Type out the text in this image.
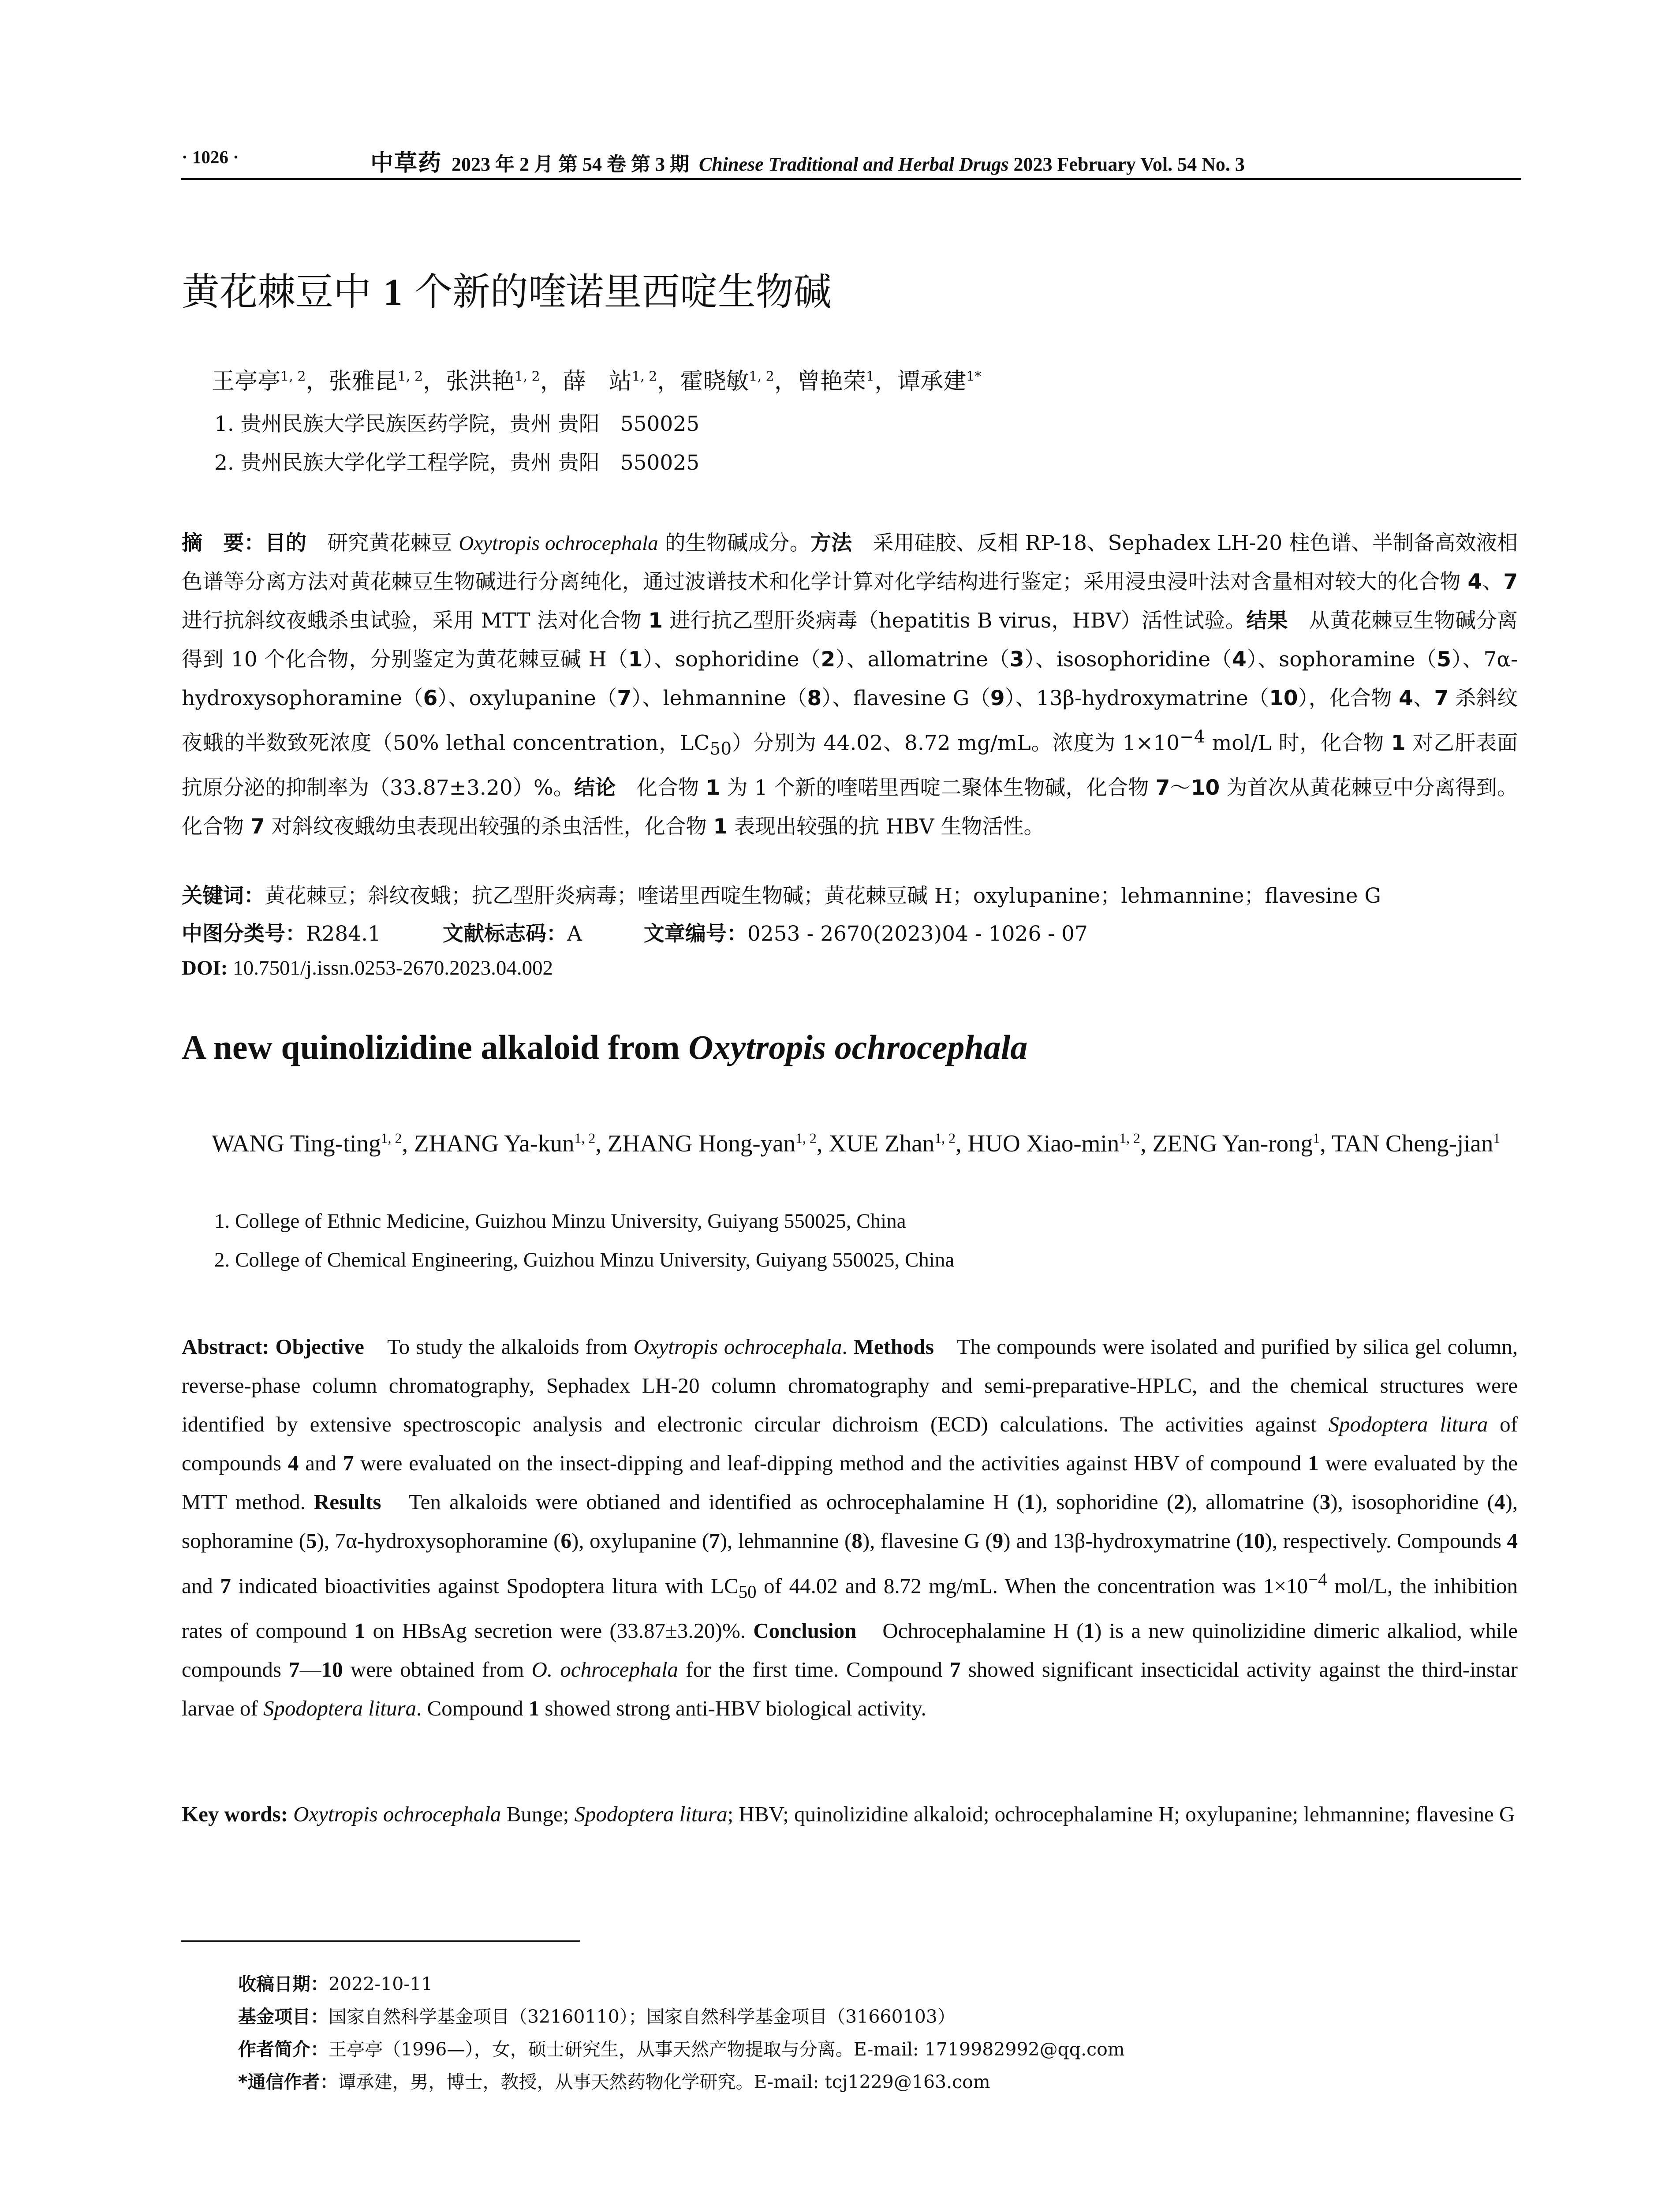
· 1026 ·	中草药 2023 年 2 月 第 54 卷 第 3 期 Chinese Traditional and Herbal Drugs 2023 February Vol. 54 No. 3
黄花棘豆中 1 个新的喹诺里西啶生物碱
王亭亭$^{1, 2}$，张雅昆$^{1, 2}$，张洪艳$^{1, 2}$，薛　站$^{1, 2}$，霍晓敏$^{1, 2}$，曾艳荣$^1$，谭承建$^{1*}$
1. 贵州民族大学民族医药学院，贵州 贵阳　550025
2. 贵州民族大学化学工程学院，贵州 贵阳　550025
摘　要：目的　研究黄花棘豆 Oxytropis ochrocephala 的生物碱成分。方法　采用硅胶、反相 RP-18、Sephadex LH-20 柱色谱、半制备高效液相色谱等分离方法对黄花棘豆生物碱进行分离纯化，通过波谱技术和化学计算对化学结构进行鉴定；采用浸虫浸叶法对含量相对较大的化合物 4、7 进行抗斜纹夜蛾杀虫试验，采用 MTT 法对化合物 1 进行抗乙型肝炎病毒（hepatitis B virus，HBV）活性试验。结果　从黄花棘豆生物碱分离得到 10 个化合物，分别鉴定为黄花棘豆碱 H（1）、sophoridine（2）、allomatrine（3）、isosophoridine（4）、sophoramine（5）、7α-hydroxysophoramine（6）、oxylupanine（7）、lehmannine（8）、flavesine G（9）、13β-hydroxymatrine（10），化合物 4、7 杀斜纹夜蛾的半数致死浓度（50% lethal concentration，$LC_{50}$）分别为 44.02、8.72 mg/mL。浓度为 $1\times 10^{-4}$ mol/L 时，化合物 1 对乙肝表面抗原分泌的抑制率为（33.87±3.20）%。结论　化合物 1 为 1 个新的喹喏里西啶二聚体生物碱，化合物 7～10 为首次从黄花棘豆中分离得到。化合物 7 对斜纹夜蛾幼虫表现出较强的杀虫活性，化合物 1 表现出较强的抗 HBV 生物活性。
关键词：黄花棘豆；斜纹夜蛾；抗乙型肝炎病毒；喹诺里西啶生物碱；黄花棘豆碱 H；oxylupanine；lehmannine；flavesine G
中图分类号：R284.1	文献标志码：A	文章编号：0253 - 2670(2023)04 - 1026 - 07
DOI: 10.7501/j.issn.0253-2670.2023.04.002
A new quinolizidine alkaloid from Oxytropis ochrocephala
WANG Ting-ting$^{1, 2}$, ZHANG Ya-kun$^{1, 2}$, ZHANG Hong-yan$^{1, 2}$, XUE Zhan$^{1, 2}$, HUO Xiao-$\min^{1, 2}$, ZENG Yan-rong$^1$, TAN Cheng-jian$^1$
1. College of Ethnic Medicine, Guizhou Minzu University, Guiyang 550025, China
2. College of Chemical Engineering, Guizhou Minzu University, Guiyang 550025, China
Abstract: Objective　To study the alkaloids from Oxytropis ochrocephala. Methods　The compounds were isolated and purified by silica gel column, reverse-phase column chromatography, Sephadex LH-20 column chromatography and semi-preparative-HPLC, and the chemical structures were identified by extensive spectroscopic analysis and electronic circular dichroism (ECD) calculations. The activities against Spodoptera litura of compounds 4 and 7 were evaluated on the insect-dipping and leaf-dipping method and the activities against HBV of compound 1 were evaluated by the MTT method. Results　Ten alkaloids were obtianed and identified as ochrocephalamine H (1), sophoridine (2), allomatrine (3), isosophoridine (4), sophoramine (5), 7α-hydroxysophoramine (6), oxylupanine (7), lehmannine (8), flavesine G (9) and 13β-hydroxymatrine (10), respectively. Compounds 4 and 7 indicated bioactivities against Spodoptera litura with $LC_{50}$ of 44.02 and 8.72 mg/mL. When the concentration was $1\times 10^{-4}$ mol/L, the inhibition rates of compound 1 on HBsAg secretion were (33.87±3.20)%. Conclusion　Ochrocephalamine H (1) is a new quinolizidine dimeric alkaliod, while compounds 7—10 were obtained from O. ochrocephala for the first time. Compound 7 showed significant insecticidal activity against the third-instar larvae of Spodoptera litura. Compound 1 showed strong anti-HBV biological activity.
Key words: Oxytropis ochrocephala Bunge; Spodoptera litura; HBV; quinolizidine alkaloid; ochrocephalamine H; oxylupanine; lehmannine; flavesine G
收稿日期：2022-10-11
基金项目：国家自然科学基金项目（32160110）；国家自然科学基金项目（31660103）
作者简介：王亭亭（1996—），女，硕士研究生，从事天然产物提取与分离。E-mail: 1719982992@qq.com
*通信作者：谭承建，男，博士，教授，从事天然药物化学研究。E-mail: tcj1229@163.com
